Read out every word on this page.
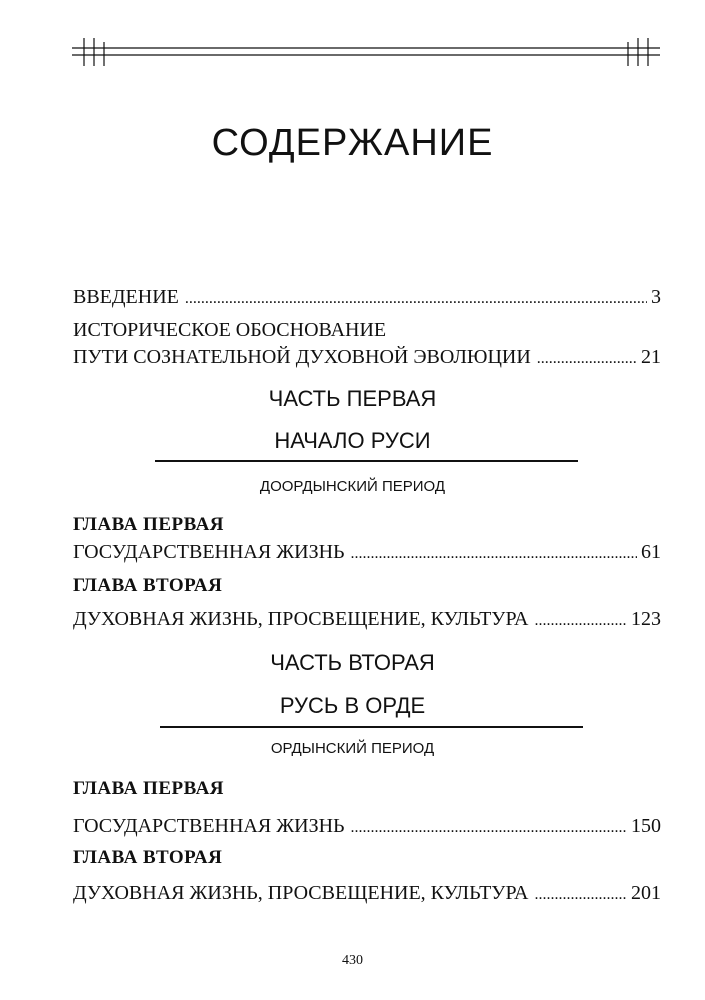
СОДЕРЖАНИЕ
ВВЕДЕНИЕ .....	3
ИСТОРИЧЕСКОЕ ОБОСНОВАНИЕ
ПУТИ СОЗНАТЕЛЬНОЙ ДУХОВНОЙ ЭВОЛЮЦИИ .....	21
ЧАСТЬ ПЕРВАЯ
НАЧАЛО РУСИ
ДООРДЫНСКИЙ ПЕРИОД
ГЛАВА ПЕРВАЯ
ГОСУДАРСТВЕННАЯ ЖИЗНЬ .....	61
ГЛАВА ВТОРАЯ
ДУХОВНАЯ ЖИЗНЬ, ПРОСВЕЩЕНИЕ, КУЛЬТУРА .....	123
ЧАСТЬ ВТОРАЯ
РУСЬ В ОРДЕ
ОРДЫНСКИЙ ПЕРИОД
ГЛАВА ПЕРВАЯ
ГОСУДАРСТВЕННАЯ ЖИЗНЬ .....	150
ГЛАВА ВТОРАЯ
ДУХОВНАЯ ЖИЗНЬ, ПРОСВЕЩЕНИЕ, КУЛЬТУРА .....	201
430
